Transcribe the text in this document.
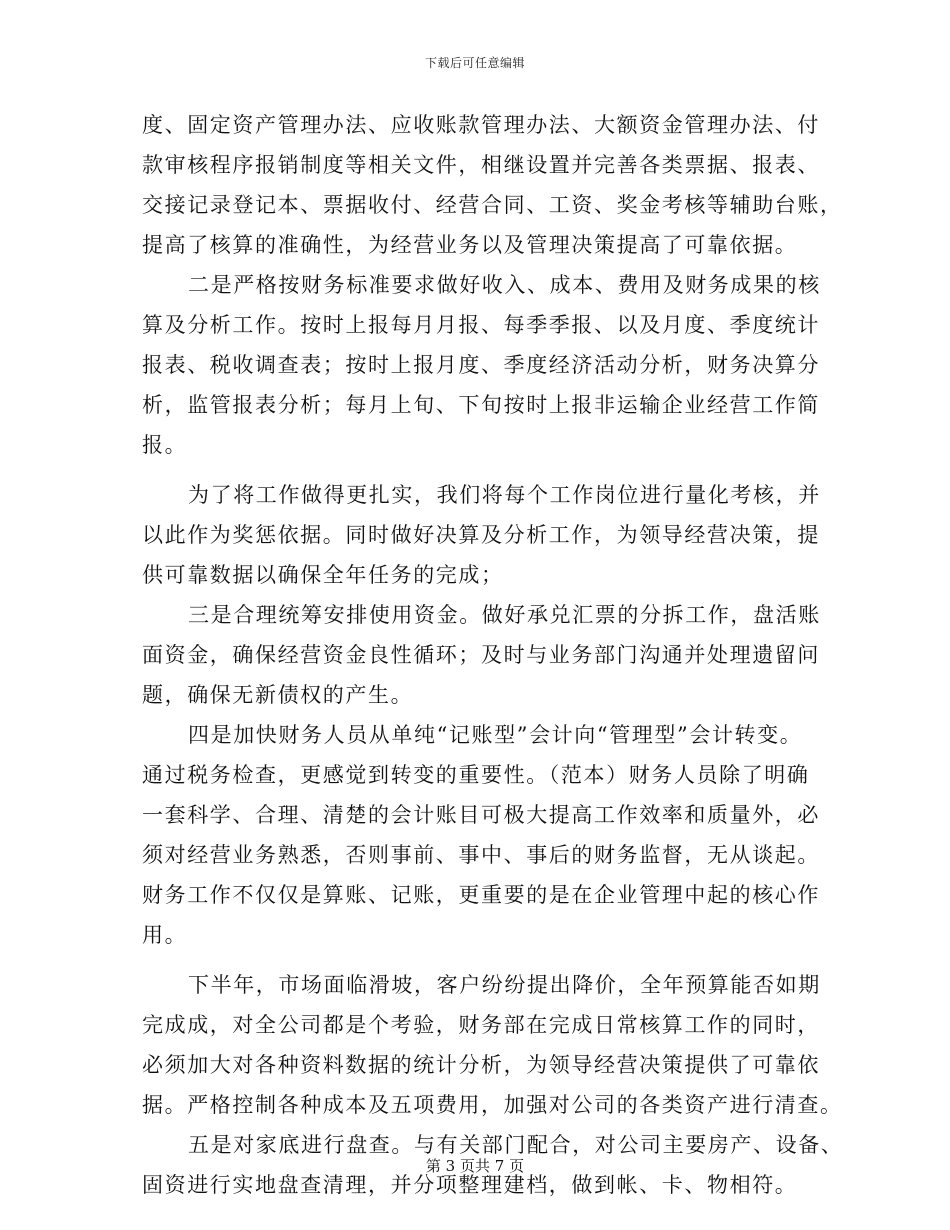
下载后可任意编辑
度、固定资产管理办法、应收账款管理办法、大额资金管理办法、付
款审核程序报销制度等相关文件，相继设置并完善各类票据、报表、
交接记录登记本、票据收付、经营合同、工资、奖金考核等辅助台账，
提高了核算的准确性，为经营业务以及管理决策提高了可靠依据。
二是严格按财务标准要求做好收入、成本、费用及财务成果的核
算及分析工作。按时上报每月月报、每季季报、以及月度、季度统计
报表、税收调查表；按时上报月度、季度经济活动分析，财务决算分
析，监管报表分析；每月上旬、下旬按时上报非运输企业经营工作简
报。
为了将工作做得更扎实，我们将每个工作岗位进行量化考核，并
以此作为奖惩依据。同时做好决算及分析工作，为领导经营决策，提
供可靠数据以确保全年任务的完成；
三是合理统筹安排使用资金。做好承兑汇票的分拆工作，盘活账
面资金，确保经营资金良性循环；及时与业务部门沟通并处理遗留问
题，确保无新债权的产生。
四是加快财务人员从单纯“记账型”会计向“管理型”会计转变。
通过税务检查，更感觉到转变的重要性。（范本）财务人员除了明确
一套科学、合理、清楚的会计账目可极大提高工作效率和质量外，必
须对经营业务熟悉，否则事前、事中、事后的财务监督，无从谈起。
财务工作不仅仅是算账、记账，更重要的是在企业管理中起的核心作
用。
下半年，市场面临滑坡，客户纷纷提出降价，全年预算能否如期
完成成，对全公司都是个考验，财务部在完成日常核算工作的同时，
必须加大对各种资料数据的统计分析，为领导经营决策提供了可靠依
据。严格控制各种成本及五项费用，加强对公司的各类资产进行清查。
五是对家底进行盘查。与有关部门配合，对公司主要房产、设备、
固资进行实地盘查清理，并分项整理建档，做到帐、卡、物相符。
第 3 页共 7 页
